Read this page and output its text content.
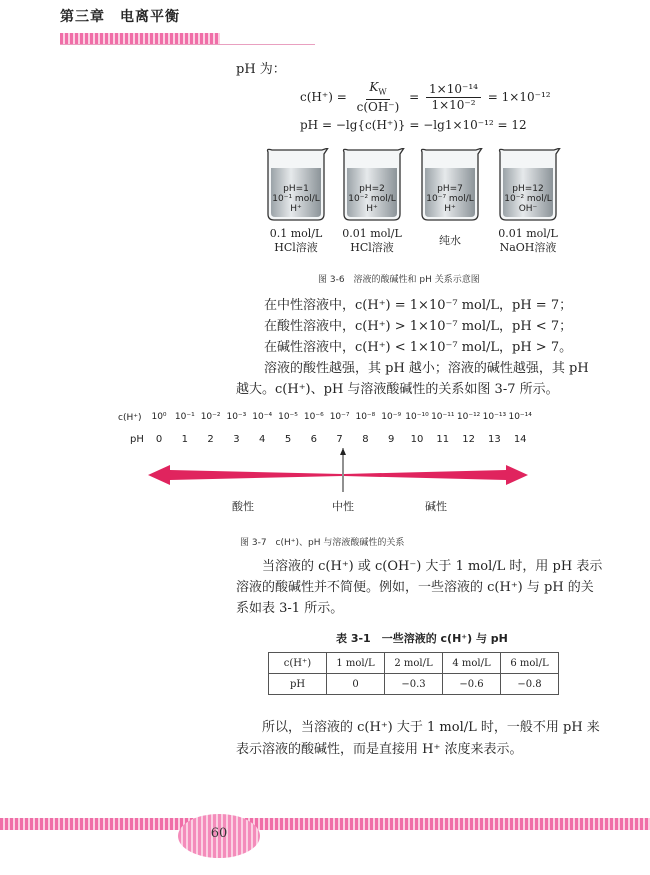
第三章　电离平衡
pH 为：
$c(H^+) = \frac{K_W}{c(OH^-)} = \frac{\text{1×10⁻¹⁴}}{\text{1×10⁻²}} = 1\times 10^{-12}$
pH = −lg{c(H⁺)} = −lg1×10⁻¹² = 12
pH=1
10⁻¹ mol/L
H⁺
pH=2
10⁻² mol/L
H⁺
pH=7
10⁻⁷ mol/L
H⁺
pH=12
10⁻² mol/L
OH⁻
0.1 mol/L
HCl溶液
0.01 mol/L
HCl溶液
纯水
0.01 mol/L
NaOH溶液
图 3-6　溶液的酸碱性和 pH 关系示意图
在中性溶液中，c(H⁺) = 1×10⁻⁷ mol/L，pH = 7；
在酸性溶液中，c(H⁺) > 1×10⁻⁷ mol/L，pH < 7；
在碱性溶液中，c(H⁺) < 1×10⁻⁷ mol/L，pH > 7。
溶液的酸性越强，其 pH 越小；溶液的碱性越强，其 pH
越大。c(H⁺)、pH 与溶液酸碱性的关系如图 3-7 所示。
c(H⁺)
pH
10⁰ 10⁻¹ 10⁻² 10⁻³ 10⁻⁴ 10⁻⁵ 10⁻⁶ 10⁻⁷ 10⁻⁸ 10⁻⁹ 10⁻¹⁰ 10⁻¹¹ 10⁻¹² 10⁻¹³ 10⁻¹⁴
0	1	2	3	4	5	6	7	8	9	10	11	12	13	14
酸性	中性	碱性
图 3-7　c(H⁺)、pH 与溶液酸碱性的关系
当溶液的 c(H⁺) 或 c(OH⁻) 大于 1 mol/L 时，用 pH 表示
溶液的酸碱性并不简便。例如，一些溶液的 c(H⁺) 与 pH 的关
系如表 3-1 所示。
表 3-1　一些溶液的 c(H⁺) 与 pH
c(H⁺)	1 mol/L	2 mol/L	4 mol/L	6 mol/L
pH	0	−0.3	−0.6	−0.8
所以，当溶液的 c(H⁺) 大于 1 mol/L 时，一般不用 pH 来
表示溶液的酸碱性，而是直接用 H⁺ 浓度来表示。
60
